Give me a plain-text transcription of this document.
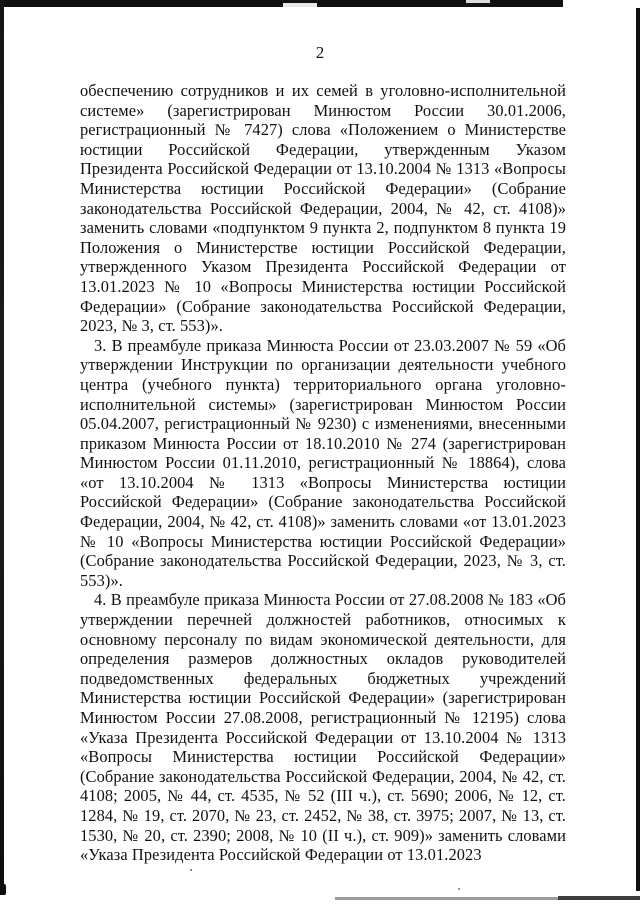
2

обеспечению сотрудников и их семей в уголовно-исполнительной системе» (зарегистрирован Минюстом России 30.01.2006, регистрационный № 7427) слова «Положением о Министерстве юстиции Российской Федерации, утвержденным Указом Президента Российской Федерации от 13.10.2004 № 1313 «Вопросы Министерства юстиции Российской Федерации» (Собрание законодательства Российской Федерации, 2004, № 42, ст. 4108)» заменить словами «подпунктом 9 пункта 2, подпунктом 8 пункта 19 Положения о Министерстве юстиции Российской Федерации, утвержденного Указом Президента Российской Федерации от 13.01.2023 № 10 «Вопросы Министерства юстиции Российской Федерации» (Собрание законодательства Российской Федерации, 2023, № 3, ст. 553)».

3. В преамбуле приказа Минюста России от 23.03.2007 № 59 «Об утверждении Инструкции по организации деятельности учебного центра (учебного пункта) территориального органа уголовно-исполнительной системы» (зарегистрирован Минюстом России 05.04.2007, регистрационный № 9230) с изменениями, внесенными приказом Минюста России от 18.10.2010 № 274 (зарегистрирован Минюстом России 01.11.2010, регистрационный № 18864), слова «от 13.10.2004 № 1313 «Вопросы Министерства юстиции Российской Федерации» (Собрание законодательства Российской Федерации, 2004, № 42, ст. 4108)» заменить словами «от 13.01.2023 № 10 «Вопросы Министерства юстиции Российской Федерации» (Собрание законодательства Российской Федерации, 2023, № 3, ст. 553)».

4. В преамбуле приказа Минюста России от 27.08.2008 № 183 «Об утверждении перечней должностей работников, относимых к основному персоналу по видам экономической деятельности, для определения размеров должностных окладов руководителей подведомственных федеральных бюджетных учреждений Министерства юстиции Российской Федерации» (зарегистрирован Минюстом России 27.08.2008, регистрационный № 12195) слова «Указа Президента Российской Федерации от 13.10.2004 № 1313 «Вопросы Министерства юстиции Российской Федерации» (Собрание законодательства Российской Федерации, 2004, № 42, ст. 4108; 2005, № 44, ст. 4535, № 52 (III ч.), ст. 5690; 2006, № 12, ст. 1284, № 19, ст. 2070, № 23, ст. 2452, № 38, ст. 3975; 2007, № 13, ст. 1530, № 20, ст. 2390; 2008, № 10 (II ч.), ст. 909)» заменить словами «Указа Президента Российской Федерации от 13.01.2023
